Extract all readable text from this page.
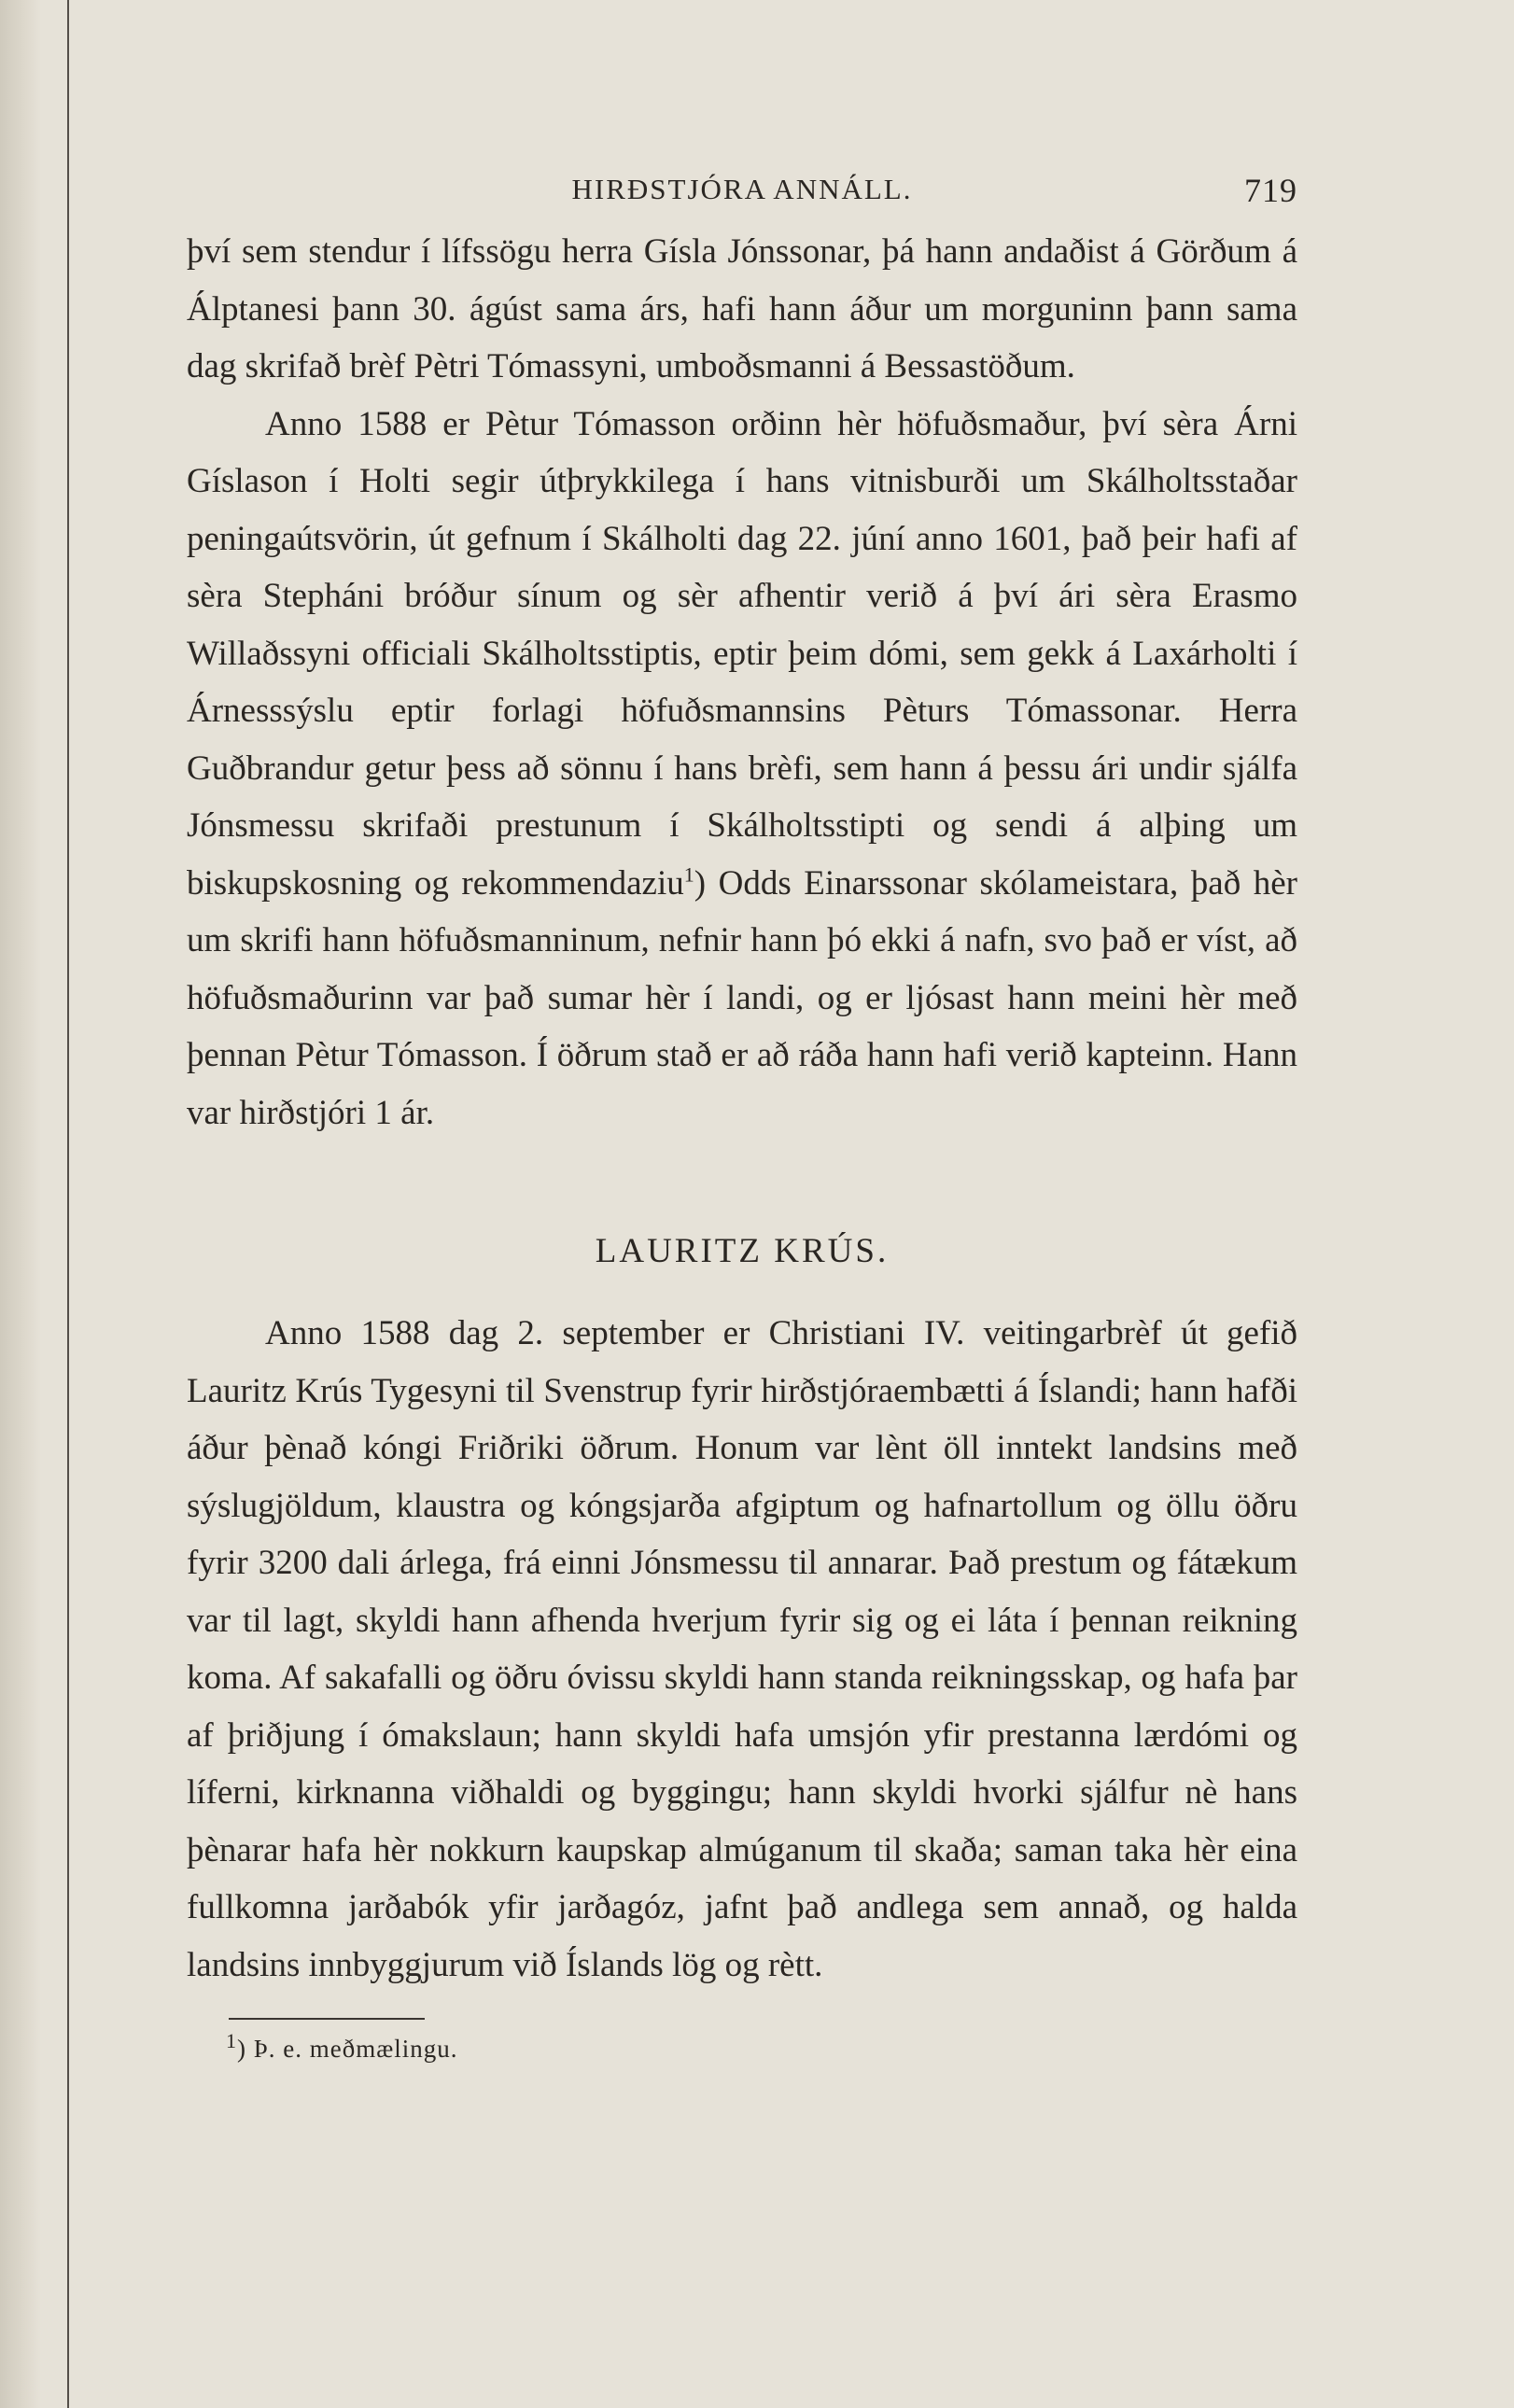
HIRÐSTJÓRA ANNÁLL.	719

því sem stendur í lífssögu herra Gísla Jónssonar, þá hann andaðist á Görðum á Álptanesi þann 30. ágúst sama árs, hafi hann áður um morguninn þann sama dag skrifað brèf Pètri Tómassyni, umboðsmanni á Bessastöðum.

Anno 1588 er Pètur Tómasson orðinn hèr höfuðsmaður, því sèra Árni Gíslason í Holti segir útþrykkilega í hans vitnisburði um Skálholtsstaðar peningaútsvörin, út gefnum í Skálholti dag 22. júní anno 1601, það þeir hafi af sèra Stepháni bróður sínum og sèr afhentir verið á því ári sèra Erasmo Willaðssyni officiali Skálholtsstiptis, eptir þeim dómi, sem gekk á Laxárholti í Árnesssýslu eptir forlagi höfuðsmannsins Pèturs Tómassonar. Herra Guðbrandur getur þess að sönnu í hans brèfi, sem hann á þessu ári undir sjálfa Jónsmessu skrifaði prestunum í Skálholtsstipti og sendi á alþing um biskupskosning og rekommendaziu$^1$) Odds Einarssonar skólameistara, það hèr um skrifi hann höfuðsmanninum, nefnir hann þó ekki á nafn, svo það er víst, að höfuðsmaðurinn var það sumar hèr í landi, og er ljósast hann meini hèr með þennan Pètur Tómasson. Í öðrum stað er að ráða hann hafi verið kapteinn. Hann var hirðstjóri 1 ár.

LAURITZ KRÚS.

Anno 1588 dag 2. september er Christiani IV. veitingarbrèf út gefið Lauritz Krús Tygesyni til Svenstrup fyrir hirðstjóraembætti á Íslandi; hann hafði áður þènað kóngi Friðriki öðrum. Honum var lènt öll inntekt landsins með sýslugjöldum, klaustra og kóngsjarða afgiptum og hafnartollum og öllu öðru fyrir 3200 dali árlega, frá einni Jónsmessu til annarar. Það prestum og fátækum var til lagt, skyldi hann afhenda hverjum fyrir sig og ei láta í þennan reikning koma. Af sakafalli og öðru óvissu skyldi hann standa reikningsskap, og hafa þar af þriðjung í ómakslaun; hann skyldi hafa umsjón yfir prestanna lærdómi og líferni, kirknanna viðhaldi og byggingu; hann skyldi hvorki sjálfur nè hans þènarar hafa hèr nokkurn kaupskap almúganum til skaða; saman taka hèr eina fullkomna jarðabók yfir jarðagóz, jafnt það andlega sem annað, og halda landsins innbyggjurum við Íslands lög og rètt.

$^1$) Þ. e. meðmælingu.
